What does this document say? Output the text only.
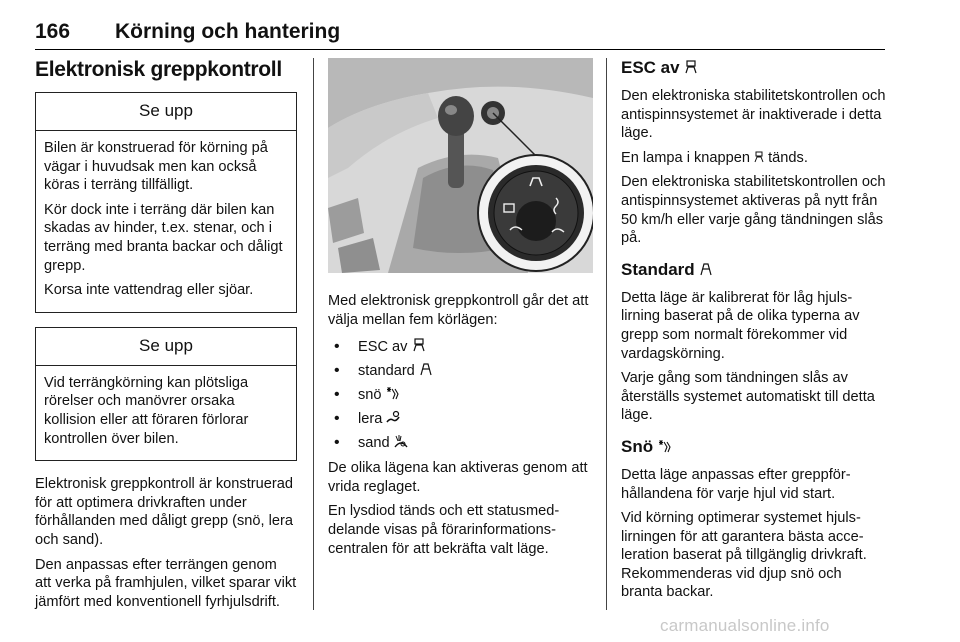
166 Körning och hantering
Elektronisk greppkontroll
Se upp

Bilen är konstruerad för körning på vägar i huvudsak men kan också köras i terräng tillfälligt.

Kör dock inte i terräng där bilen kan skadas av hinder, t.ex. stenar, och i terräng med branta backar och dåligt grepp.

Korsa inte vattendrag eller sjöar.

Se upp

Vid terrängkörning kan plötsliga rörelser och manövrer orsaka kollision eller att föraren förlorar kontrollen över bilen.

Elektronisk greppkontroll är konstruerad för att optimera drivkraften under förhållanden med dåligt grepp (snö, lera och sand).

Den anpassas efter terrängen genom att verka på framhjulen, vilket sparar vikt jämfört med konventionell fyrhjulsdrift.

Med elektronisk greppkontroll går det att välja mellan fem körlägen:

• ESC av
• standard
• snö
• lera
• sand

De olika lägena kan aktiveras genom att vrida reglaget.

En lysdiod tänds och ett statusmeddelande visas på förarinformationscentralen för att bekräfta valt läge.

ESC av

Den elektroniska stabilitetskontrollen och antispinnsystemet är inaktiverade i detta läge.

En lampa i knappen tänds.

Den elektroniska stabilitetskontrollen och antispinnsystemet aktiveras på nytt från 50 km/h eller varje gång tändningen slås på.

Standard

Detta läge är kalibrerat för låg hjulslirning baserat på de olika typerna av grepp som normalt förekommer vid vardagskörning.

Varje gång som tändningen slås av återställs systemet automatiskt till detta läge.

Snö

Detta läge anpassas efter greppförhållandena för varje hjul vid start.

Vid körning optimerar systemet hjulslirningen för att garantera bästa acceleration baserat på tillgänglig drivkraft. Rekommenderas vid djup snö och branta backar.

carmanualsonline.info
